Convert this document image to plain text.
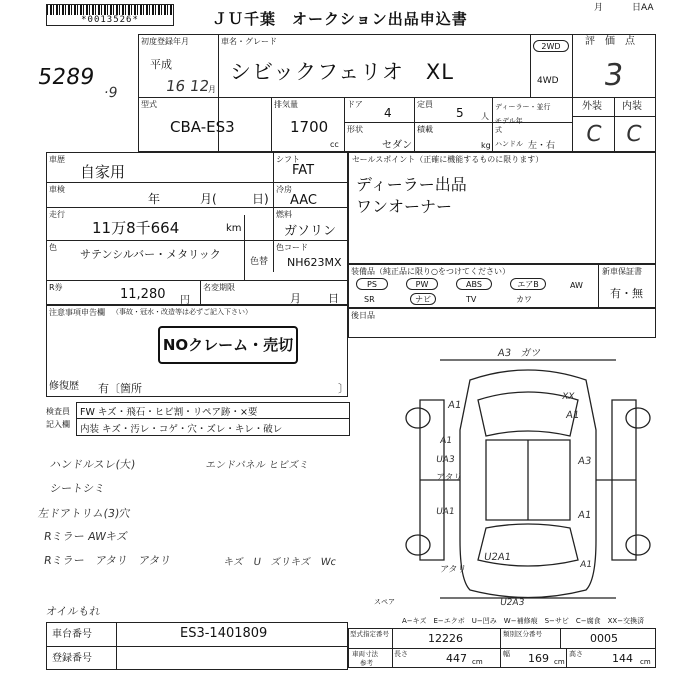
*0013526*	ＪＵ千葉　オークション出品申込書
月	日AA
5289
·9
初度登録年月
平成
16 12
月
車名・グレード
シビックフェリオ　XL
2WD
4WD
評　価　点
3
外装 内装
C C
型式
CBA-ES3
排気量
1700
cc
ドア
4
定員
5 人
ディーラー・並行
モデル年式
形状
セダン
積載
kg ハンドル 左・右
車歴
自家用
車検
年	月(	日)
走行
11万8千664	km
色
サテンシルバー・メタリック
色替
R券	11,280 円
名変期限
月 日
シフト
FAT
冷房
AAC
燃料
ガソリン
色コード
NH623MX
セールスポイント（正確に機能するものに限ります）
ディーラー出品
ワンオーナー
装備品（純正品に限り○をつけてください）
PS	PW	ABS	エアB	AW
SR	ナビ	TV	カワ
新車保証書
有・無
後日品
注意事項申告欄 （事故・冠水・改造等は必ずご記入下さい）
NOクレーム・売切
修復歴 有〔箇所	〕
検査員
記入欄
FW キズ・飛石・ヒビ割・リペア跡・×要
内装 キズ・汚レ・コゲ・穴・ズレ・キレ・破レ
ハンドルスレ(大)
シートシミ
左ドアトリム(3)穴
Rミラー AWキズ
Rミラー　アタリ　アタリ
エンドパネル ヒビズミ
キズ　U　ズリキズ　Wc
オイルもれ
A3　ガツ
A1
XX
A1
A1
A3
UA3
アタリ
A1
UA1
U2A1
アタリ
U2A3
A1
スペア
A−キズ　E−エクボ　U−凹み　W−補修痕　S−サビ　C−腐食　XX−交換済
車台番号	ES3-1401809
登録番号
型式指定番号	12226	類別区分番号	0005
車両寸法
参考
長さ	447 cm
幅 169 cm
高さ	144 cm
